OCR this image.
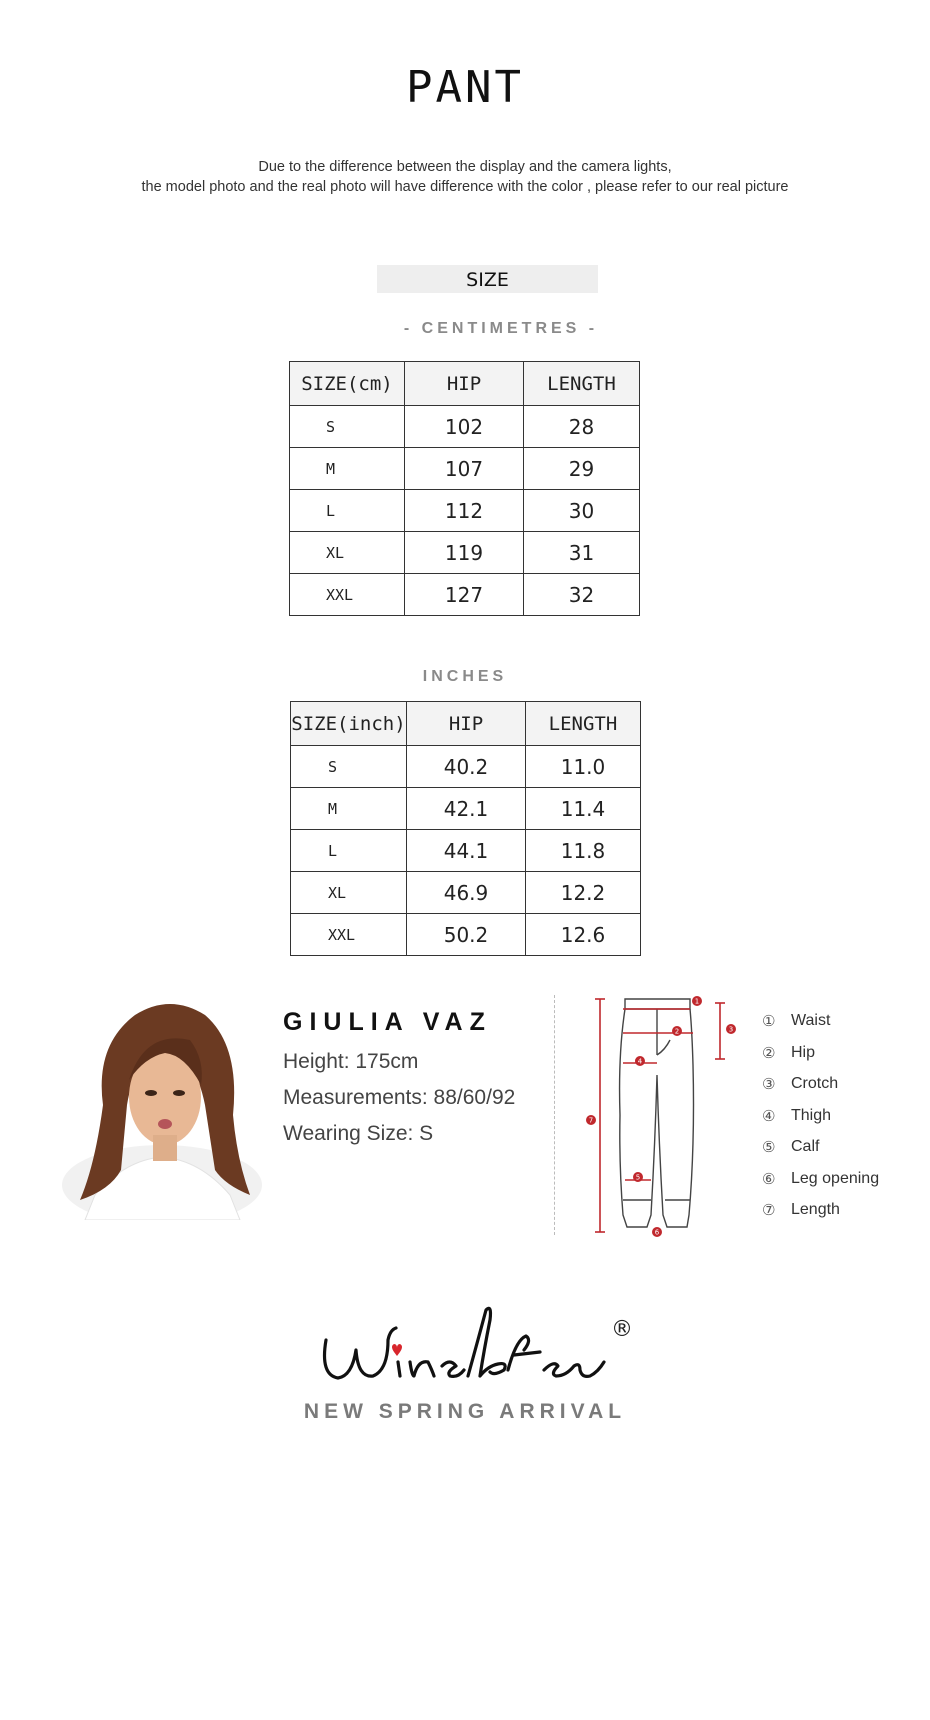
PANT
Due to the difference between the display and the camera lights,
the model photo and the real photo will have difference with the color , please refer to our real picture
SIZE
- CENTIMETRES -
SIZE(cm)	HIP	LENGTH
S	102	28
M	107	29
L	112	30
XL	119	31
XXL	127	32
INCHES
SIZE(inch)	HIP	LENGTH
S	40.2	11.0
M	42.1	11.4
L	44.1	11.8
XL	46.9	12.2
XXL	50.2	12.6
GIULIA VAZ
Height: 175cm
Measurements: 88/60/92
Wearing Size: S
1
2	3
4
5
6
7
① Waist
② Hip
③ Crotch
④ Thigh
⑤ Calf
⑥ Leg opening
⑦ Length
®
NEW SPRING ARRIVAL
